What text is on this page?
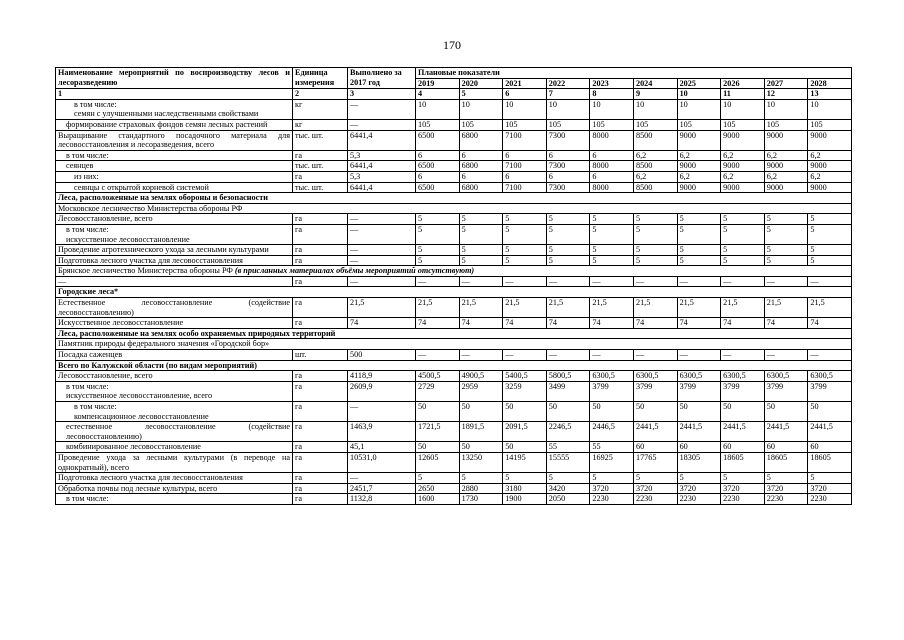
170
Наименование мероприятий по воспроизводству лесов и лесоразведению	Единица измерения	Выполнено за 2017 год	Плановые показатели									
			2019	2020	2021	2022	2023	2024	2025	2026	2027	2028
1	2	3	4	5	6	7	8	9	10	11	12	13

в том числе:
семян с улучшенными наследственными свойствами	кг	—	10	10	10	10	10	10	10	10	10	10

формирование страховых фондов семян лесных растений	кг	—	105	105	105	105	105	105	105	105	105	105

Выращивание стандартного посадочного материала для лесовосстановления и лесоразведения, всего	тыс. шт.	6441,4	6500	6800	7100	7300	8000	8500	9000	9000	9000	9000

в том числе:	га	5,3	6	6	6	6	6	6,2	6,2	6,2	6,2	6,2

сеянцев	тыс. шт.	6441,4	6500	6800	7100	7300	8000	8500	9000	9000	9000	9000

из них:	га	5,3	6	6	6	6	6	6,2	6,2	6,2	6,2	6,2

сеянцы с открытой корневой системой	тыс. шт.	6441,4	6500	6800	7100	7300	8000	8500	9000	9000	9000	9000
Леса, расположенные на землях обороны и безопасности												
Московское лесничество Министерства обороны РФ												

Лесовосстановление, всего	га	—	5	5	5	5	5	5	5	5	5	5

в том числе:
искусственное лесовосстановление	га	—	5	5	5	5	5	5	5	5	5	5

Проведение агротехнического ухода за лесными культурами	га	—	5	5	5	5	5	5	5	5	5	5

Подготовка лесного участка для лесовосстановления	га	—	5	5	5	5	5	5	5	5	5	5
Брянское лесничество Министерства обороны РФ (в присланных материалах объёмы мероприятий отсутствуют)												

—	га	—	—	—	—	—	—	—	—	—	—	—
Городские леса*												

Естественное лесовосстановление (содействие лесовосстановлению)	га	21,5	21,5	21,5	21,5	21,5	21,5	21,5	21,5	21,5	21,5	21,5

Искусственное лесовосстановление	га	74	74	74	74	74	74	74	74	74	74	74
Леса, расположенные на землях особо охраняемых природных территорий												
Памятник природы федерального значения «Городской бор»												

Посадка саженцев	шт.	500	—	—	—	—	—	—	—	—	—	—
Всего по Калужской области (по видам мероприятий)												

Лесовосстановление, всего	га	4118,9	4500,5	4900,5	5400,5	5800,5	6300,5	6300,5	6300,5	6300,5	6300,5	6300,5

в том числе:
искусственное лесовосстановление, всего	га	2609,9	2729	2959	3259	3499	3799	3799	3799	3799	3799	3799

в том числе:
компенсационное лесовосстановление	га	—	50	50	50	50	50	50	50	50	50	50

естественное лесовосстановление (содействие лесовосстановлению)	га	1463,9	1721,5	1891,5	2091,5	2246,5	2446,5	2441,5	2441,5	2441,5	2441,5	2441,5

комбинированное лесовосстановление	га	45,1	50	50	50	55	55	60	60	60	60	60

Проведение ухода за лесными культурами (в переводе на однократный), всего	га	10531,0	12605	13250	14195	15555	16925	17765	18305	18605	18605	18605

Подготовка лесного участка для лесовосстановления	га	—	5	5	5	5	5	5	5	5	5	5

Обработка почвы под лесные культуры, всего	га	2451,7	2650	2880	3180	3420	3720	3720	3720	3720	3720	3720

в том числе:	га	1132,8	1600	1730	1900	2050	2230	2230	2230	2230	2230	2230
